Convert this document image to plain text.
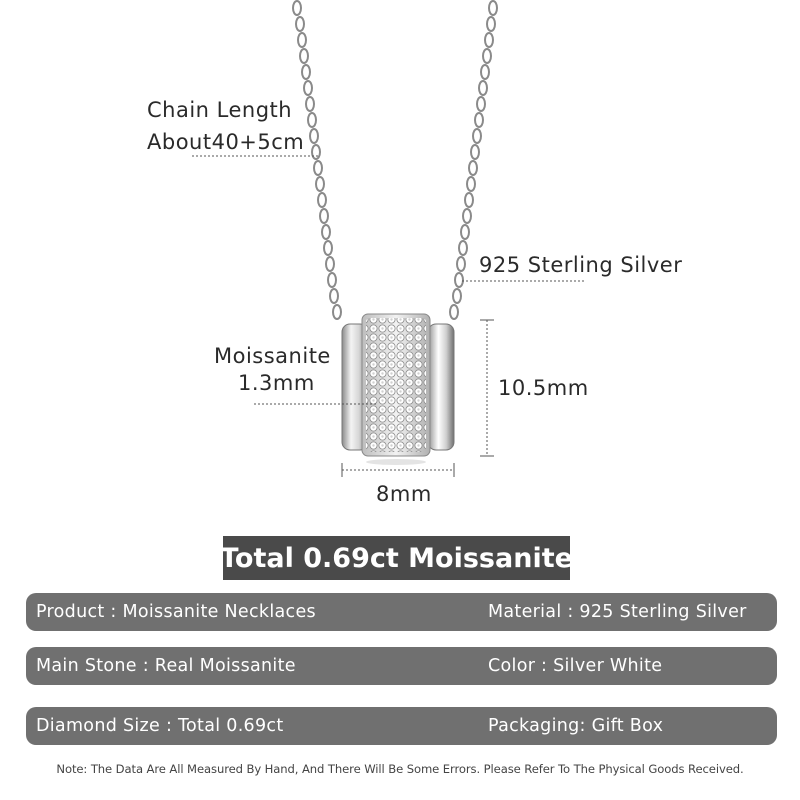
Chain Length
About40+5cm
925 Sterling Silver
Moissanite
1.3mm	10.5mm
8mm
Total 0.69ct Moissanite
Product : Moissanite Necklaces	Material : 925 Sterling Silver
Main Stone : Real Moissanite	Color : Silver White
Diamond Size : Total 0.69ct	Packaging: Gift Box
Note: The Data Are All Measured By Hand, And There Will Be Some Errors. Please Refer To The Physical Goods Received.
